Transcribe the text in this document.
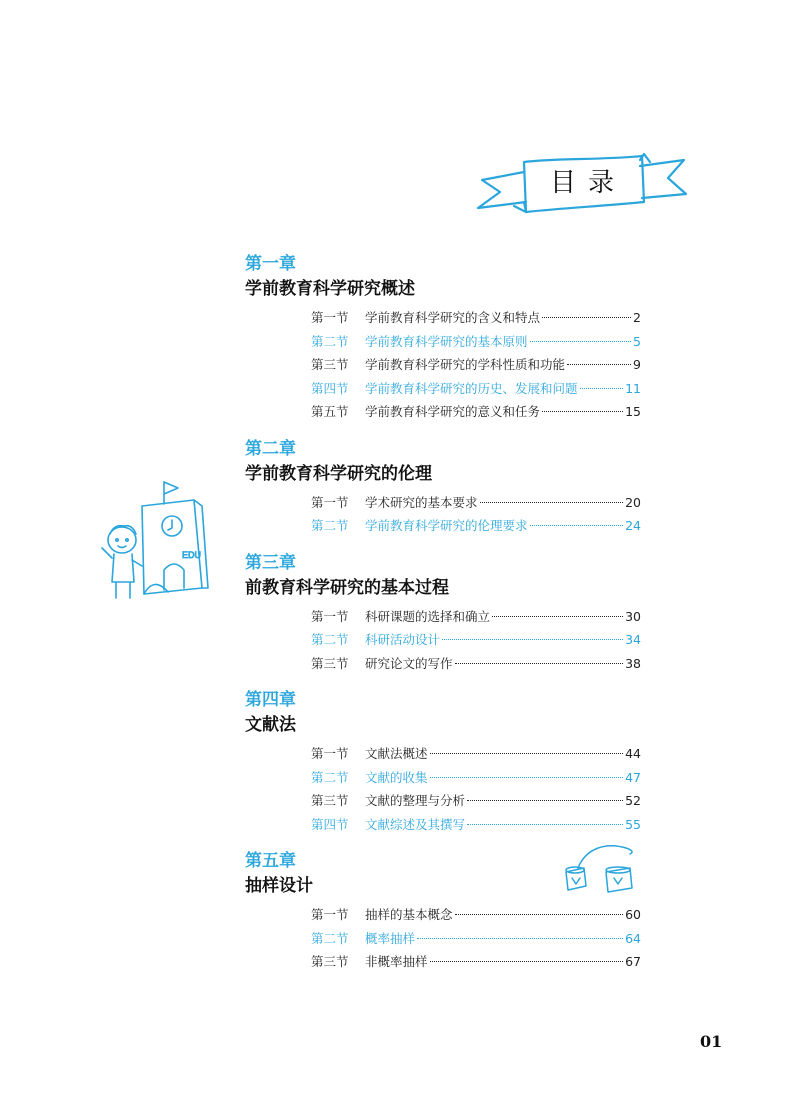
目录
EDU
第一章
学前教育科学研究概述
第一节	学前教育科学研究的含义和特点	2
第二节	学前教育科学研究的基本原则	5
第三节	学前教育科学研究的学科性质和功能	9
第四节	学前教育科学研究的历史、发展和问题	11
第五节	学前教育科学研究的意义和任务	15
第二章
学前教育科学研究的伦理
第一节	学术研究的基本要求	20
第二节	学前教育科学研究的伦理要求	24
第三章
前教育科学研究的基本过程
第一节	科研课题的选择和确立	30
第二节	科研活动设计	34
第三节	研究论文的写作	38
第四章
文献法
第一节	文献法概述	44
第二节	文献的收集	47
第三节	文献的整理与分析	52
第四节	文献综述及其撰写	55
第五章
抽样设计
第一节	抽样的基本概念	60
第二节	概率抽样	64
第三节	非概率抽样	67
01
